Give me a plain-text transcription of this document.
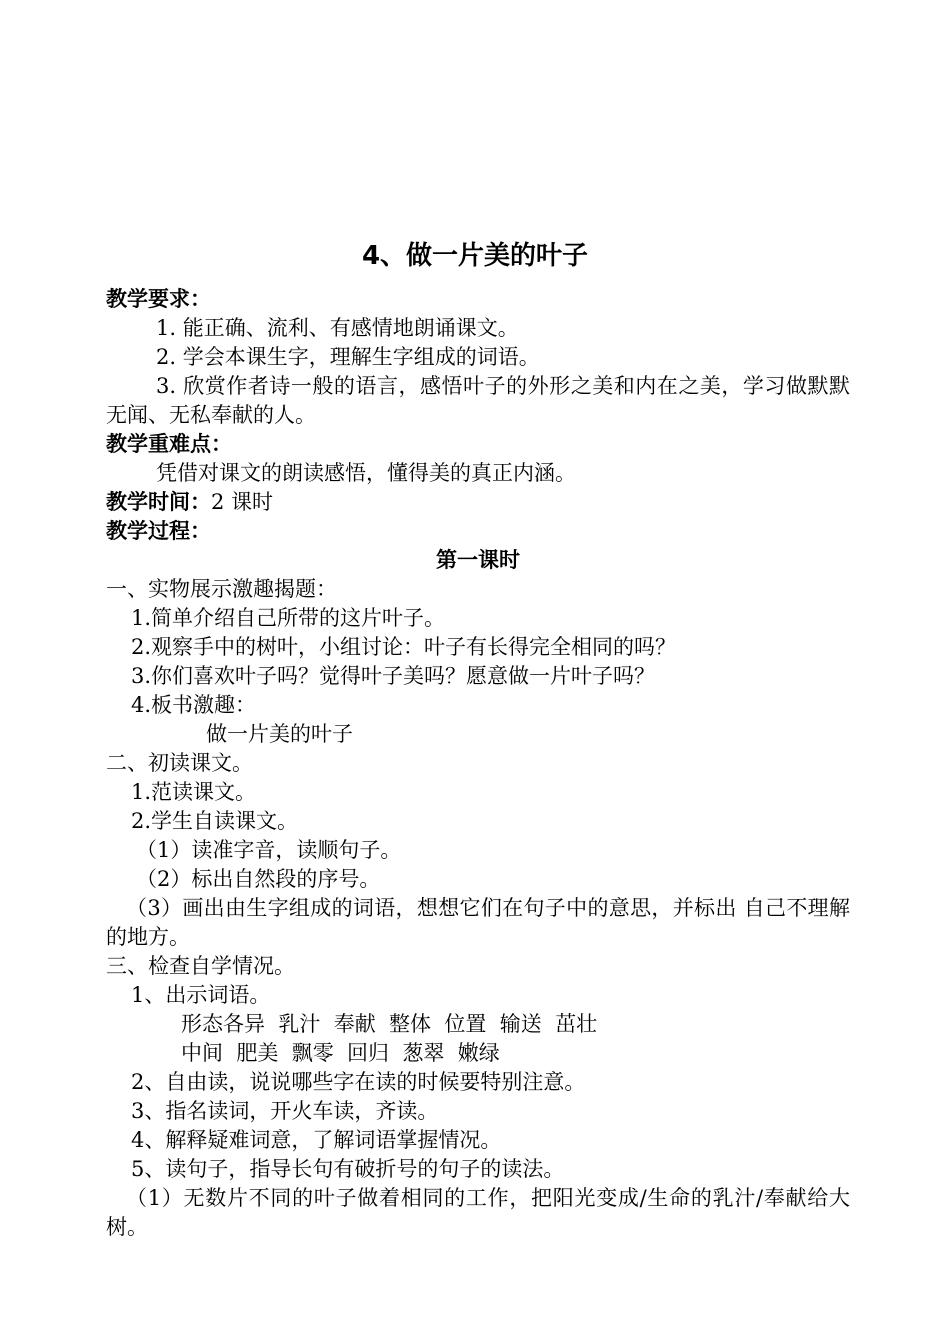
4、做一片美的叶子
教学要求：
1. 能正确、流利、有感情地朗诵课文。
2. 学会本课生字，理解生字组成的词语。
3. 欣赏作者诗一般的语言，感悟叶子的外形之美和内在之美，学习做默默无闻、无私奉献的人。
教学重难点：
凭借对课文的朗读感悟，懂得美的真正内涵。
教学时间：2 课时
教学过程：
第一课时
一、实物展示激趣揭题：
1.简单介绍自己所带的这片叶子。
2.观察手中的树叶，小组讨论：叶子有长得完全相同的吗？
3.你们喜欢叶子吗？觉得叶子美吗？愿意做一片叶子吗？
4.板书激趣：
做一片美的叶子
二、初读课文。
1.范读课文。
2.学生自读课文。
（1）读准字音，读顺句子。
（2）标出自然段的序号。
（3）画出由生字组成的词语，想想它们在句子中的意思，并标出 自己不理解的地方。
三、检查自学情况。
1、出示词语。
形态各异  乳汁  奉献  整体  位置  输送  茁壮
中间  肥美  飘零  回归  葱翠  嫩绿
2、自由读，说说哪些字在读的时候要特别注意。
3、指名读词，开火车读，齐读。
4、解释疑难词意，了解词语掌握情况。
5、读句子，指导长句有破折号的句子的读法。
（1）无数片不同的叶子做着相同的工作，把阳光变成/生命的乳汁/奉献给大树。
